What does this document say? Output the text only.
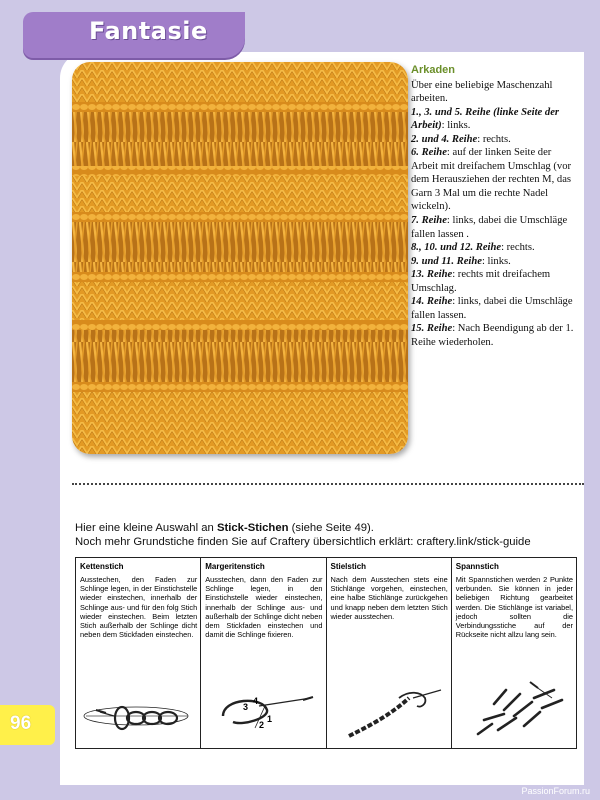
Fantasie
Arkaden

Über eine beliebige Maschenzahl arbeiten.

1., 3. und 5. Reihe (linke Seite der Arbeit): links.

2. und 4. Reihe: rechts.

6. Reihe: auf der linken Seite der Arbeit mit dreifachem Umschlag (vor dem Herausziehen der rechten M, das Garn 3 Mal um die rechte Nadel wickeln).

7. Reihe: links, dabei die Umschläge fallen lassen .

8., 10. und 12. Reihe: rechts.

9. und 11. Reihe: links.

13. Reihe: rechts mit dreifachem Umschlag.

14. Reihe: links, dabei die Umschläge fallen lassen.

15. Reihe: Nach Beendigung ab der 1. Reihe wiederholen.

Hier eine kleine Auswahl an Stick-Stichen (siehe Seite 49).

Noch mehr Grundstiche finden Sie auf Craftery übersichtlich erklärt: craftery.link/stick-guide

Kettenstich
Ausstechen, den Faden zur Schlinge legen, in der Einstichstelle wieder einstechen, innerhalb der Schlinge aus- und für den folg Stich wieder einstechen. Beim letzten Stich außerhalb der Schlinge dicht neben dem Stickfaden einstechen.
Margeritenstich
Ausstechen, dann den Faden zur Schlinge legen, in den Einstichstelle wieder einstechen, innerhalb der Schlinge aus- und außerhalb der Schlinge dicht neben dem Stickfaden einstechen und damit die Schlinge fixieren.
3
4
2
1
Stielstich
Nach dem Ausstechen stets eine Stichlänge vorgehen, einstechen, eine halbe Stichlänge zurückgehen und knapp neben dem letzten Stich wieder ausstechen.
Spannstich
Mit Spannstichen werden 2 Punkte verbunden. Sie können in jeder beliebigen Richtung gearbeitet werden. Die Stichlänge ist variabel, jedoch sollten die Verbindungsstiche auf der Rückseite nicht allzu lang sein.
96
PassionForum.ru
